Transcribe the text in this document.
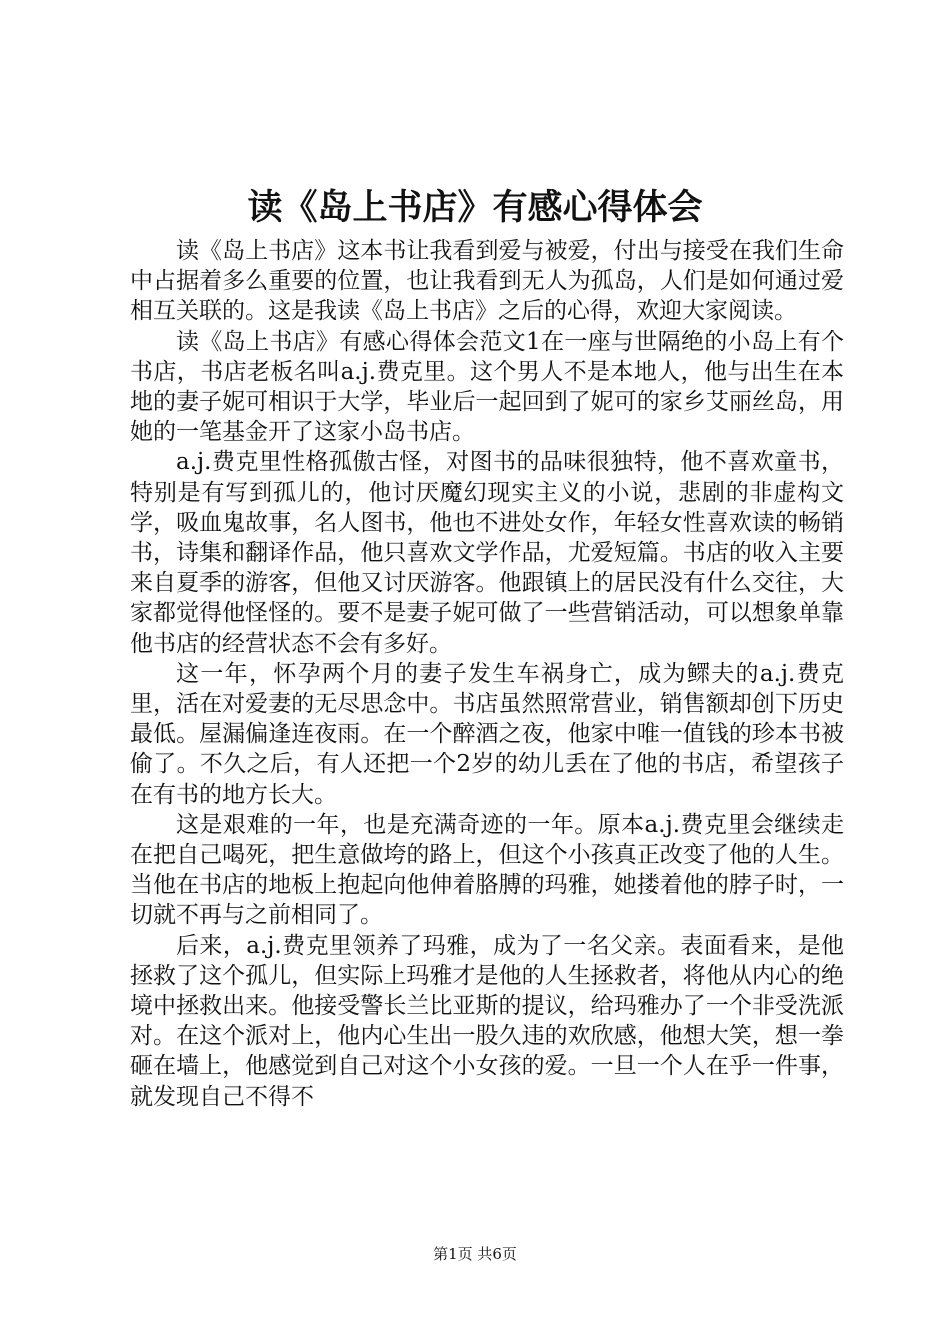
读《岛上书店》有感心得体会

读《岛上书店》这本书让我看到爱与被爱，付出与接受在我们生命中占据着多么重要的位置，也让我看到无人为孤岛，人们是如何通过爱相互关联的。这是我读《岛上书店》之后的心得，欢迎大家阅读。

读《岛上书店》有感心得体会范文1在一座与世隔绝的小岛上有个书店，书店老板名叫a.j.费克里。这个男人不是本地人，他与出生在本地的妻子妮可相识于大学，毕业后一起回到了妮可的家乡艾丽丝岛，用她的一笔基金开了这家小岛书店。

a.j.费克里性格孤傲古怪，对图书的品味很独特，他不喜欢童书，特别是有写到孤儿的，他讨厌魔幻现实主义的小说，悲剧的非虚构文学，吸血鬼故事，名人图书，他也不进处女作，年轻女性喜欢读的畅销书，诗集和翻译作品，他只喜欢文学作品，尤爱短篇。书店的收入主要来自夏季的游客，但他又讨厌游客。他跟镇上的居民没有什么交往，大家都觉得他怪怪的。要不是妻子妮可做了一些营销活动，可以想象单靠他书店的经营状态不会有多好。

这一年，怀孕两个月的妻子发生车祸身亡，成为鳏夫的a.j.费克里，活在对爱妻的无尽思念中。书店虽然照常营业，销售额却创下历史最低。屋漏偏逢连夜雨。在一个醉酒之夜，他家中唯一值钱的珍本书被偷了。不久之后，有人还把一个2岁的幼儿丢在了他的书店，希望孩子在有书的地方长大。

这是艰难的一年，也是充满奇迹的一年。原本a.j.费克里会继续走在把自己喝死，把生意做垮的路上，但这个小孩真正改变了他的人生。当他在书店的地板上抱起向他伸着胳膊的玛雅，她搂着他的脖子时，一切就不再与之前相同了。

后来，a.j.费克里领养了玛雅，成为了一名父亲。表面看来，是他拯救了这个孤儿，但实际上玛雅才是他的人生拯救者，将他从内心的绝境中拯救出来。他接受警长兰比亚斯的提议，给玛雅办了一个非受洗派对。在这个派对上，他内心生出一股久违的欢欣感，他想大笑，想一拳砸在墙上，他感觉到自己对这个小女孩的爱。一旦一个人在乎一件事，就发现自己不得不

第1页 共6页
